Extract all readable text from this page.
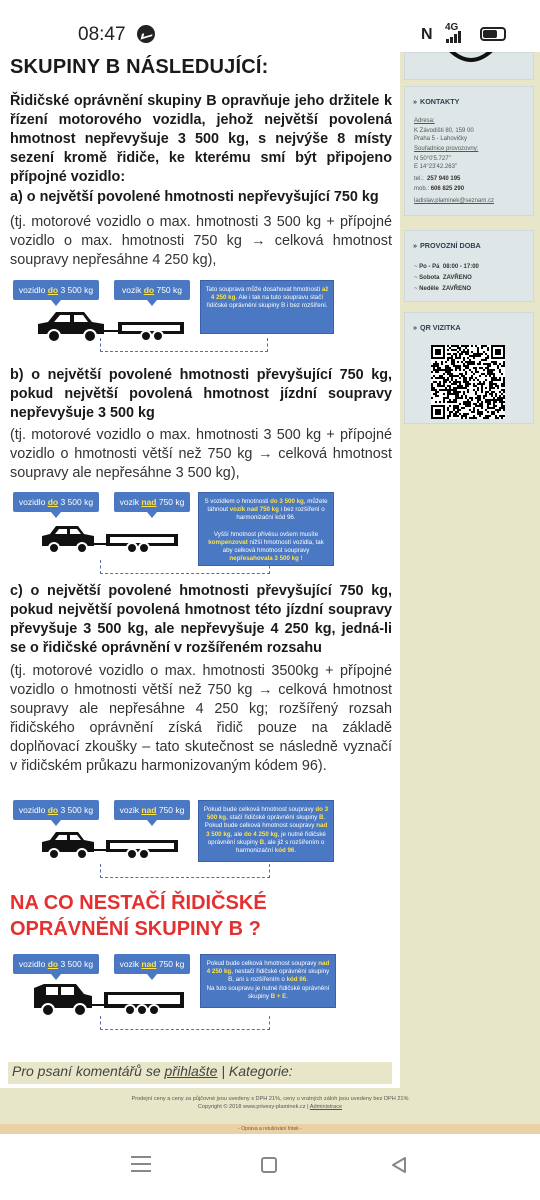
08:47	N 4G
SKUPINY B NÁSLEDUJÍCÍ:
Řidičské oprávnění skupiny B opravňuje jeho držitele k řízení motorového vozidla, jehož největší povolená hmotnost nepřevyšuje 3 500 kg, s nejvýše 8 místy sezení kromě řidiče, ke kterému smí být připojeno přípojné vozidlo:
a) o největší povolené hmotnosti nepřevyšující 750 kg
(tj. motorové vozidlo o max. hmotnosti 3 500 kg + přípojné vozidlo o max. hmotnosti 750 kg → celková hmotnost soupravy nepřesáhne 4 250 kg),
vozidlo do 3 500 kg	vozik do 750 kg	Tato souprava může dosahovat hmotnosti až 4 250 kg. Ale i tak na tuto soupravu stačí řidičské oprávnění skupiny B i bez rozšíření.
b) o největší povolené hmotnosti převyšující 750 kg, pokud největší povolená hmotnost jízdní soupravy nepřevyšuje 3 500 kg
(tj. motorové vozidlo o max. hmotnosti 3 500 kg + přípojné vozidlo o hmotnosti větší než 750 kg → celková hmotnost soupravy ale nepřesáhne 3 500 kg),
vozidlo do 3 500 kg	vozik nad 750 kg	S vozidlem o hmotnosti do 3 500 kg, můžete táhnout vozík nad 750 kg i bez rozšíření o harmonizační kód 96.

Vyšší hmotnost přívěsu ovšem musíte kompenzovat nižší hmotností vozidla, tak aby celková hmotnost soupravy nepřesahovala 3 500 kg !
c) o největší povolené hmotnosti převyšující 750 kg, pokud největší povolená hmotnost této jízdní soupravy převyšuje 3 500 kg, ale nepřevyšuje 4 250 kg, jedná-li se o řidičské oprávnění v rozšířeném rozsahu
(tj. motorové vozidlo o max. hmotnosti 3500kg + přípojné vozidlo o hmotnosti větší než 750 kg → celková hmotnost soupravy ale nepřesáhne 4 250 kg; rozšířený rozsah řidičského oprávnění získá řidič pouze na základě doplňovací zkoušky – tato skutečnost se následně vyznačí v řidičském průkazu harmonizovaným kódem 96).
vozidlo do 3 500 kg	vozik nad 750 kg	Pokud bude celková hmotnost soupravy do 3 500 kg, stačí řidičské oprávnění skupiny B.
Pokud bude celková hmotnost soupravy nad 3 500 kg, ale do 4 250 kg, je nutné řidičské oprávnění skupiny B, ale již s rozšířením o harmonizační kód 96.
NA CO NESTAČÍ ŘIDIČSKÉ
OPRÁVNĚNÍ SKUPINY B ?
vozidlo do 3 500 kg	vozik nad 750 kg	Pokud bude celková hmotnost soupravy nad 4 250 kg, nestačí řidičské oprávnění skupiny B, ani s rozšířením o kód 96.
Na tuto soupravu je nutné řidičské oprávnění skupiny B + E.
» KONTAKTY
Adresa:
K Závodišti 80, 159 00
Praha 5 - Lahovičky
Souřadnice provozovny:
N 50°0'5.727"
E 14°23'42.263"
tel.: 257 940 195
mob.: 606 825 290
ladislav.plaminek@seznam.cz
» PROVOZNÍ DOBA
~ Po - Pá 08:00 - 17:00
~ Sobota ZAVŘENO
~ Neděle ZAVŘENO
» QR VIZITKA
Pro psaní komentářů se přihlašte | Kategorie:
Prodejní ceny a ceny za půjčovné jsou uvedeny s DPH 21%, ceny u vratných záloh jsou uvedeny bez DPH 21%
Copyright © 2018 www.privesy-plaminek.cz | Administrace
- Oprava a retušování fotek -
